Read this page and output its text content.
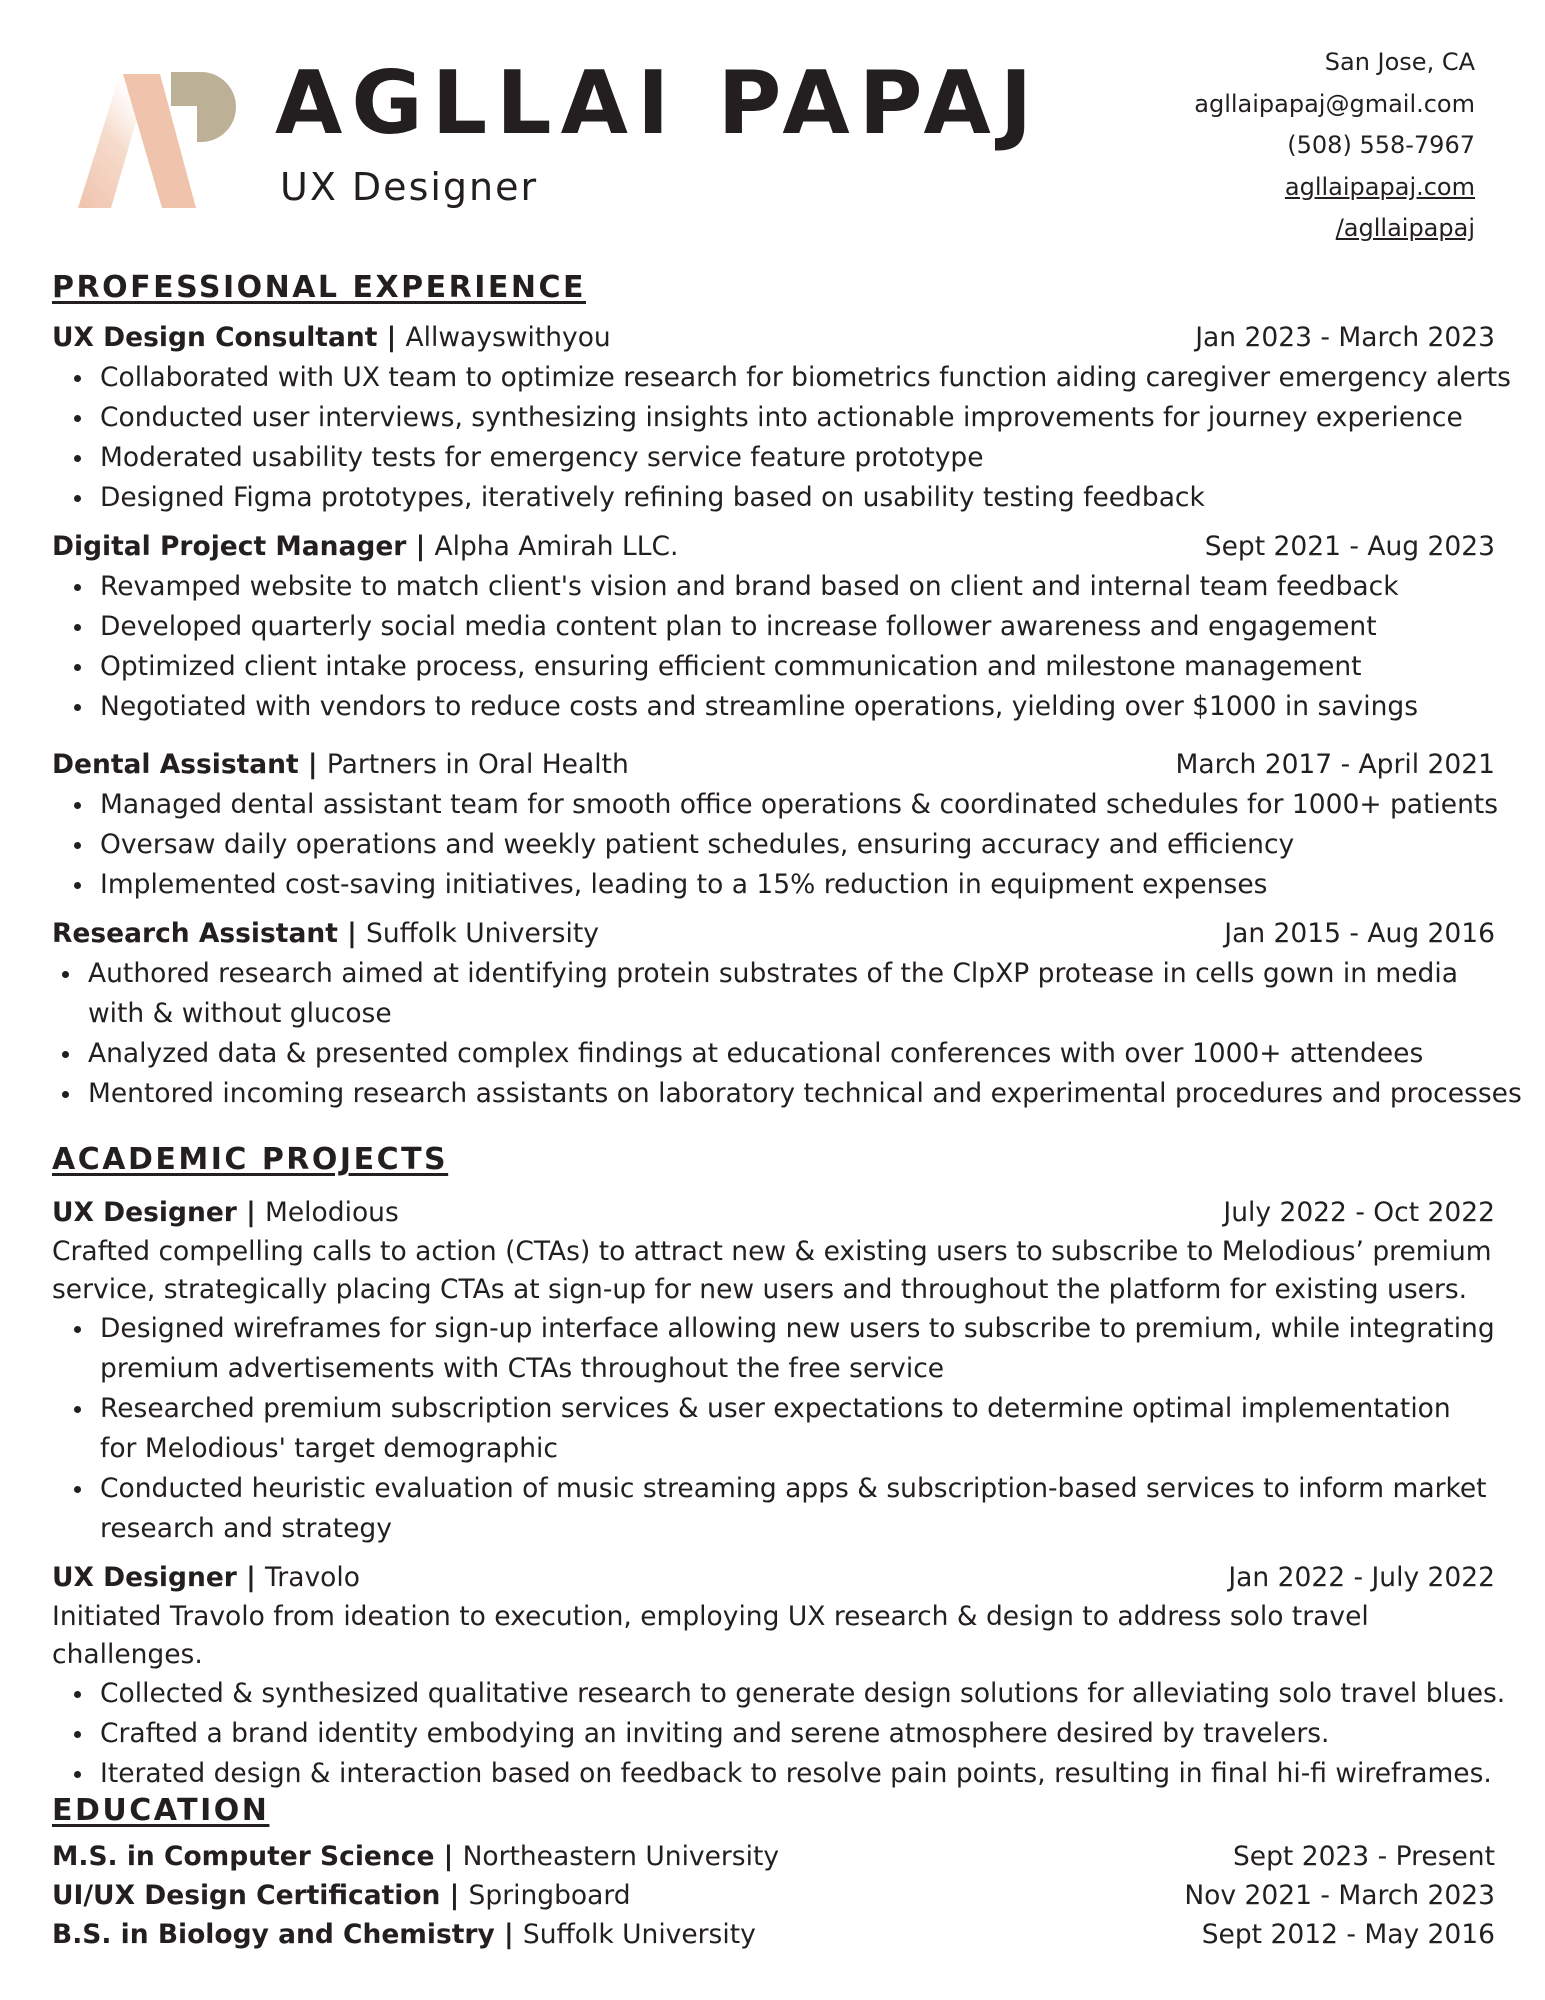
AGLLAI PAPAJ
UX Designer
San Jose, CA
agllaipapaj@gmail.com
(508) 558-7967
agllaipapaj.com
/agllaipapaj
PROFESSIONAL EXPERIENCE
UX Design Consultant | Allwayswithyou	Jan 2023 - March 2023
Collaborated with UX team to optimize research for biometrics function aiding caregiver emergency alerts
Conducted user interviews, synthesizing insights into actionable improvements for journey experience
Moderated usability tests for emergency service feature prototype
Designed Figma prototypes, iteratively refining based on usability testing feedback
Digital Project Manager | Alpha Amirah LLC.	Sept 2021 - Aug 2023
Revamped website to match client's vision and brand based on client and internal team feedback
Developed quarterly social media content plan to increase follower awareness and engagement
Optimized client intake process, ensuring efficient communication and milestone management
Negotiated with vendors to reduce costs and streamline operations, yielding over $1000 in savings
Dental Assistant | Partners in Oral Health	March 2017 - April 2021
Managed dental assistant team for smooth office operations & coordinated schedules for 1000+ patients
Oversaw daily operations and weekly patient schedules, ensuring accuracy and efficiency
Implemented cost-saving initiatives, leading to a 15% reduction in equipment expenses
Research Assistant | Suffolk University	Jan 2015 - Aug 2016
Authored research aimed at identifying protein substrates of the ClpXP protease in cells gown in media with & without glucose
Analyzed data & presented complex findings at educational conferences with over 1000+ attendees
Mentored incoming research assistants on laboratory technical and experimental procedures and processes
ACADEMIC PROJECTS
UX Designer | Melodious	July 2022 - Oct 2022
Crafted compelling calls to action (CTAs) to attract new & existing users to subscribe to Melodious’ premium service, strategically placing CTAs at sign-up for new users and throughout the platform for existing users.
Designed wireframes for sign-up interface allowing new users to subscribe to premium, while integrating premium advertisements with CTAs throughout the free service
Researched premium subscription services & user expectations to determine optimal implementation for Melodious' target demographic
Conducted heuristic evaluation of music streaming apps & subscription-based services to inform market research and strategy
UX Designer | Travolo	Jan 2022 - July 2022
Initiated Travolo from ideation to execution, employing UX research & design to address solo travel challenges.
Collected & synthesized qualitative research to generate design solutions for alleviating solo travel blues.
Crafted a brand identity embodying an inviting and serene atmosphere desired by travelers.
Iterated design & interaction based on feedback to resolve pain points, resulting in final hi-fi wireframes.
EDUCATION
M.S. in Computer Science | Northeastern University	Sept 2023 - Present
UI/UX Design Certification | Springboard	Nov 2021 - March 2023
B.S. in Biology and Chemistry | Suffolk University	Sept 2012 - May 2016
